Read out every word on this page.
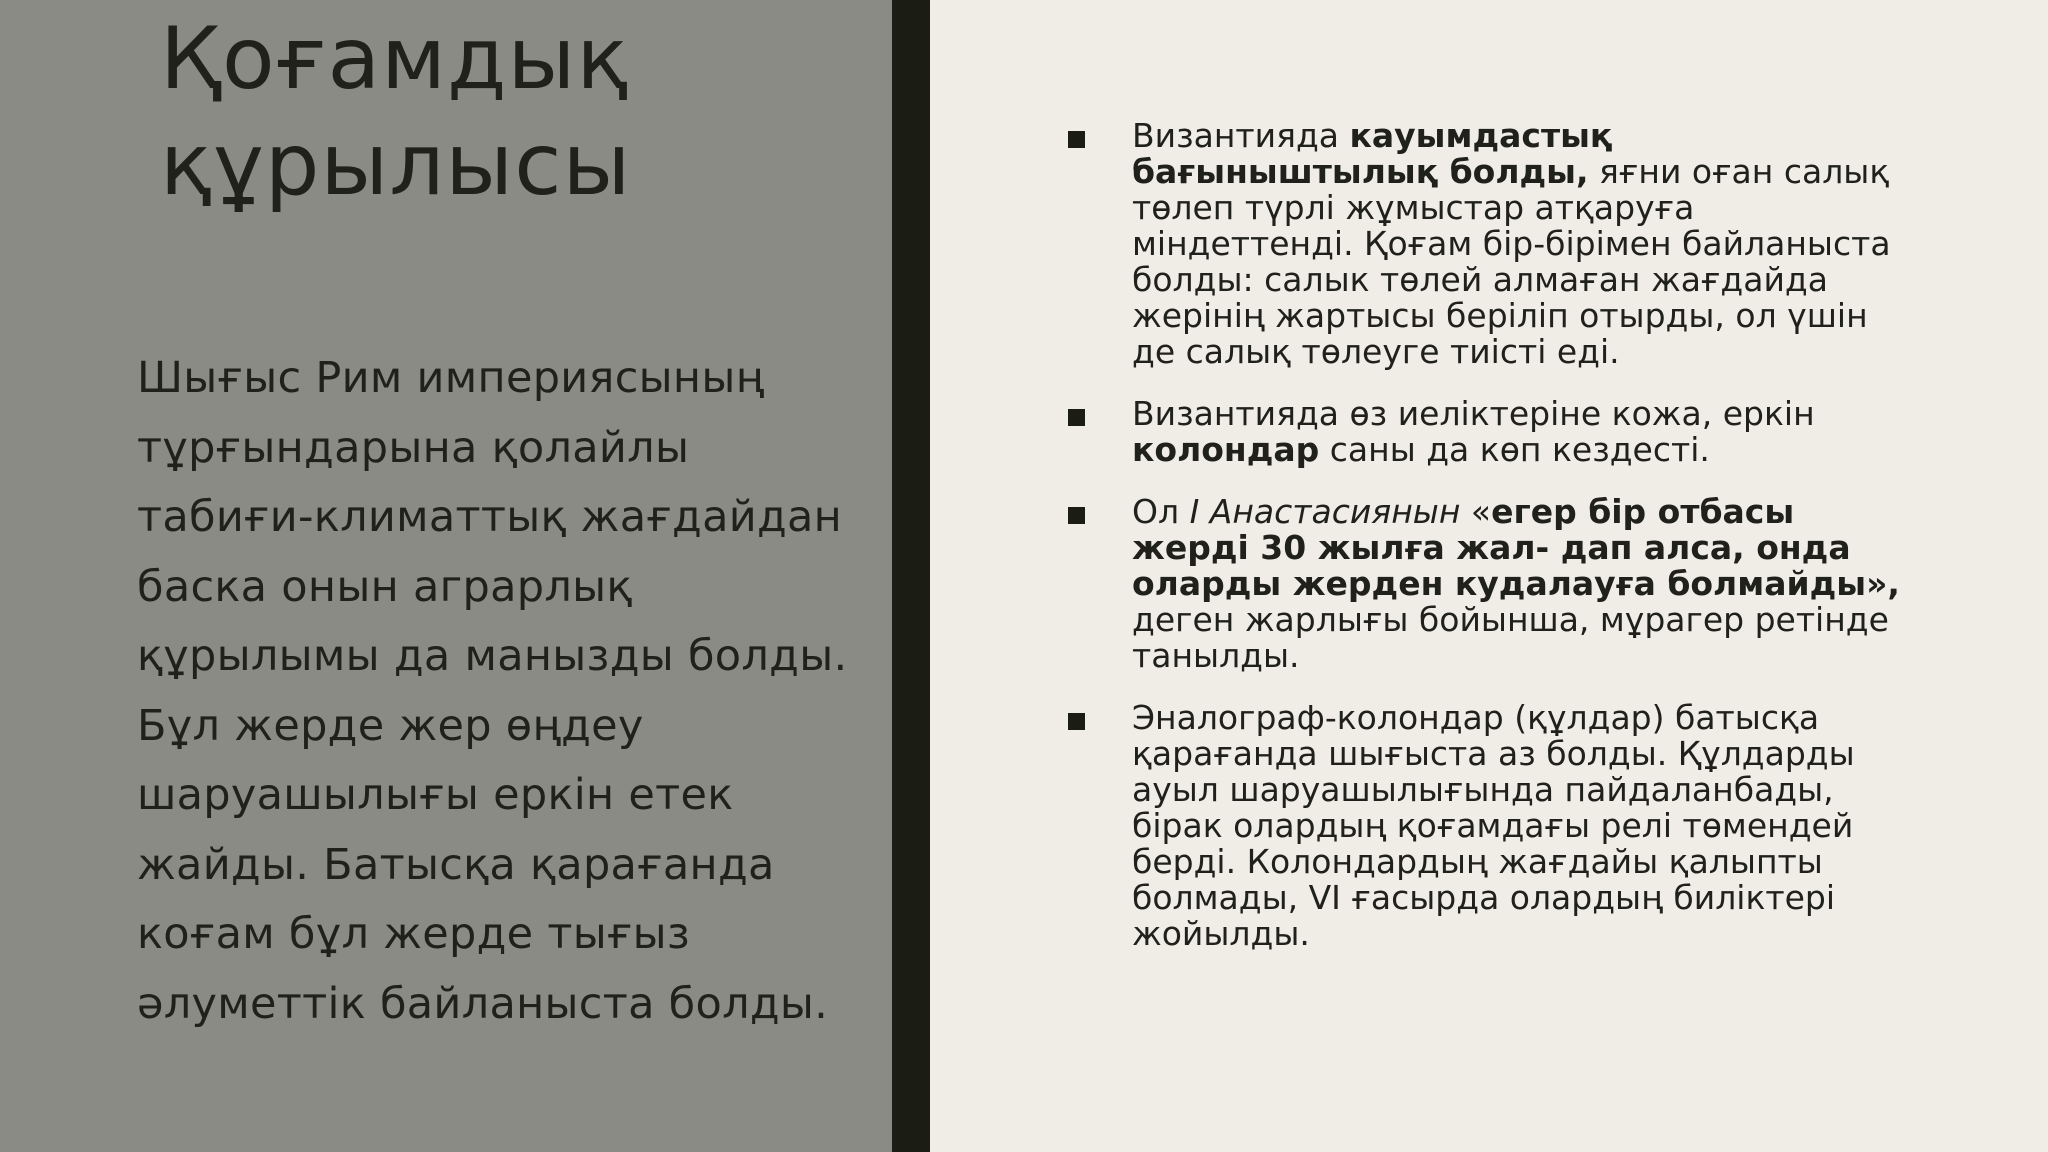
Қоғамдық
құрылысы

Шығыс Рим империясының тұрғындарына қолайлы табиғи-климаттық жағдайдан баска онын аграрлық құрылымы да манызды болды. Бұл жерде жер өңдеу шаруашылығы еркін етек жайды. Батысқа қарағанда коғам бұл жерде тығыз әлуметтік байланыста болды.

Византияда кауымдастық бағыныштылық болды, яғни оған салық төлеп түрлі жұмыстар атқаруға міндеттенді. Қоғам бір-бірімен байланыста болды: салык төлей алмаған жағдайда жерінің жартысы беріліп отырды, ол үшін де салық төлеуге тиісті еді.
Византияда өз иеліктеріне кожа, еркін колондар саны да көп кездесті.
Ол I Анастасиянын «егер бір отбасы жерді 30 жылға жал- дап алса, онда оларды жерден кудалауға болмайды», деген жарлығы бойынша, мұрагер ретінде танылды.
Эналограф-колондар (құлдар) батысқа қарағанда шығыста аз болды. Құлдарды ауыл шаруашылығында пайдаланбады, бірак олардың қоғамдағы релі төмендей берді. Колондардың жағдайы қалыпты болмады, VI ғасырда олардың биліктері жойылды.
